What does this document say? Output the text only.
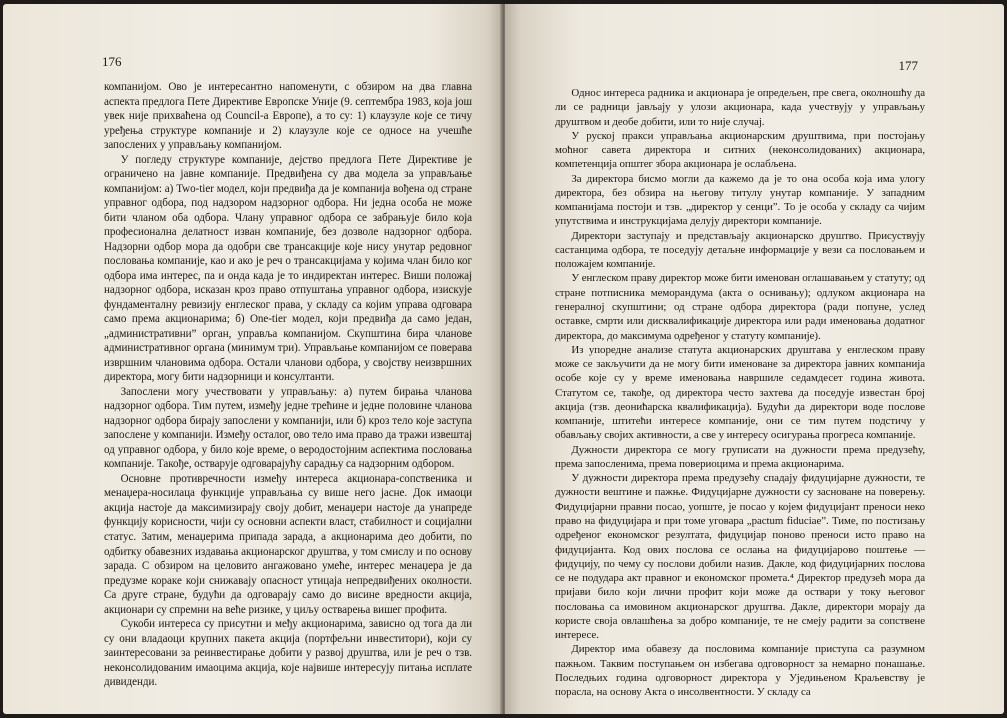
176

компанијом. Ово је интересантно напоменути, с обзиром на два главна аспекта предлога Пете Директиве Европске Уније (9. септембра 1983, која још увек није прихваћена од Council-a Европе), а то су: 1) клаузуле које се тичу уређења структуре компаније и 2) клаузуле које се односе на учешће запослених у управљању компанијом.

У погледу структуре компаније, дејство предлога Пете Директиве је ограничено на јавне компаније. Предвиђена су два модела за управљање компанијом: а) Two-tier модел, који предвиђа да је компанија вођена од стране управног одбора, под надзором надзорног одбора. Ни једна особа не може бити чланом оба одбора. Члану управног одбора се забрањује било која професионална делатност изван компаније, без дозволе надзорног одбора. Надзорни одбор мора да одобри све трансакције које нису унутар редовног пословања компаније, као и ако је реч о трансакцијама у којима члан било ког одбора има интерес, па и онда када је то индиректан интерес. Виши положај надзорног одбора, исказан кроз право отпуштања управног одбора, изискује фундаменталну ревизију енглеског права, у складу са којим управа одговара само према акционарима; б) One-tier модел, који предвиђа да само један, „административни” орган, управља компанијом. Скупштина бира чланове административног органа (минимум три). Управљање компанијом се поверава извршним члановима одбора. Остали чланови одбора, у својству неизвршних директора, могу бити надзорници и консултанти.

Запослени могу учествовати у управљању: а) путем бирања чланова надзорног одбора. Тим путем, између једне трећине и једне половине чланова надзорног одбора бирају запослени у компанији, или б) кроз тело које заступа запослене у компанији. Између осталог, ово тело има право да тражи извештај од управног одбора, у било које време, о веродостојним аспектима пословања компаније. Такође, остварује одговарајућу сарадњу са надзорним одбором.

Основне противречности између интереса акционара-сопственика и менаџера-носилаца функције управљања су више него јасне. Док имаоци акција настоје да максимизирају своју добит, менаџери настоје да унапреде функцију корисности, чији су основни аспекти власт, стабилност и социјални статус. Затим, менаџерима припада зарада, а акционарима део добити, по одбитку обавезних издавања акционарског друштва, у том смислу и по основу зарада. С обзиром на целовито ангажовано умеће, интерес менаџера је да предузме кораке који снижавају опасност утицаја непредвиђених околности. Са друге стране, будући да одговарају само до висине вредности акција, акционари су спремни на веће ризике, у циљу остварења вишег профита.

Сукоби интереса су присутни и међу акционарима, зависно од тога да ли су они владаоци крупних пакета акција (портфељни инвеститори), који су заинтересовани за реинвестирање добити у развој друштва, или је реч о тзв. неконсолидованим имаоцима акција, које највише интересују питања исплате дивиденди.

177

Однос интереса радника и акционара је опредељен, пре свега, околношћу да ли се радници јављају у улози акционара, када учествују у управљању друштвом и деобе добити, или то није случај.

У руској пракси управљања акционарским друштвима, при постојању моћног савета директора и ситних (неконсолидованих) акционара, компетенција општег збора акционара је ослабљена.

За директора бисмо могли да кажемо да је то она особа која има улогу директора, без обзира на његову титулу унутар компаније. У западним компанијама постоји и тзв. „директор у сенци”. То је особа у складу са чијим упутствима и инструкцијама делују директори компаније.

Директори заступају и представљају акционарско друштво. Присуствују састанцима одбора, те поседују детаљне информације у вези са пословањем и положајем компаније.

У енглеском праву директор може бити именован оглашавањем у статуту; од стране потписника меморандума (акта о оснивању); одлуком акционара на генералној скупштини; од стране одбора директора (ради попуне, услед оставке, смрти или дисквалификације директора или ради именовања додатног директора, до максимума одређеног у статуту компаније).

Из упоредне анализе статута акционарских друштава у енглеском праву може се закључити да не могу бити именоване за директора јавних компанија особе које су у време именовања навршиле седамдесет година живота. Статутом се, такође, од директора често захтева да поседује известан број акција (тзв. деонићарска квалификација). Будући да директори воде послове компаније, штитећи интересе компаније, они се тим путем подстичу у обављању својих активности, а све у интересу осигурања прогреса компаније.

Дужности директора се могу груписати на дужности према предузећу, према запосленима, према повериоцима и према акционарима.

У дужности директора према предузећу спадају фидуцијарне дужности, те дужности вештине и пажње. Фидуцијарне дужности су засноване на поверењу. Фидуцијарни правни посао, уопште, је посао у којем фидуцијант преноси неко право на фидуцијара и при томе уговара „pactum fiduciae”. Тиме, по постизању одређеног економског резултата, фидуцијар поново преноси исто право на фидуцијанта. Код ових послова се ослања на фидуцијарово поштење — фидуцију, по чему су послови добили назив. Дакле, код фидуцијарних послова се не подудара акт правног и економског промета.⁴ Директор предузећ мора да пријави било који лични профит који може да оствари у току његовог пословања са имовином акционарског друштва. Дакле, директори морају да користе своја овлашћења за добро компаније, те не смеју радити за сопствене интересе.

Директор има обавезу да пословима компаније приступа са разумном пажњом. Таквим поступањем он избегава одговорност за немарно понашање. Последњих година одговорност директора у Уједињеном Краљевству је порасла, на основу Акта о инсолвентности. У складу са
